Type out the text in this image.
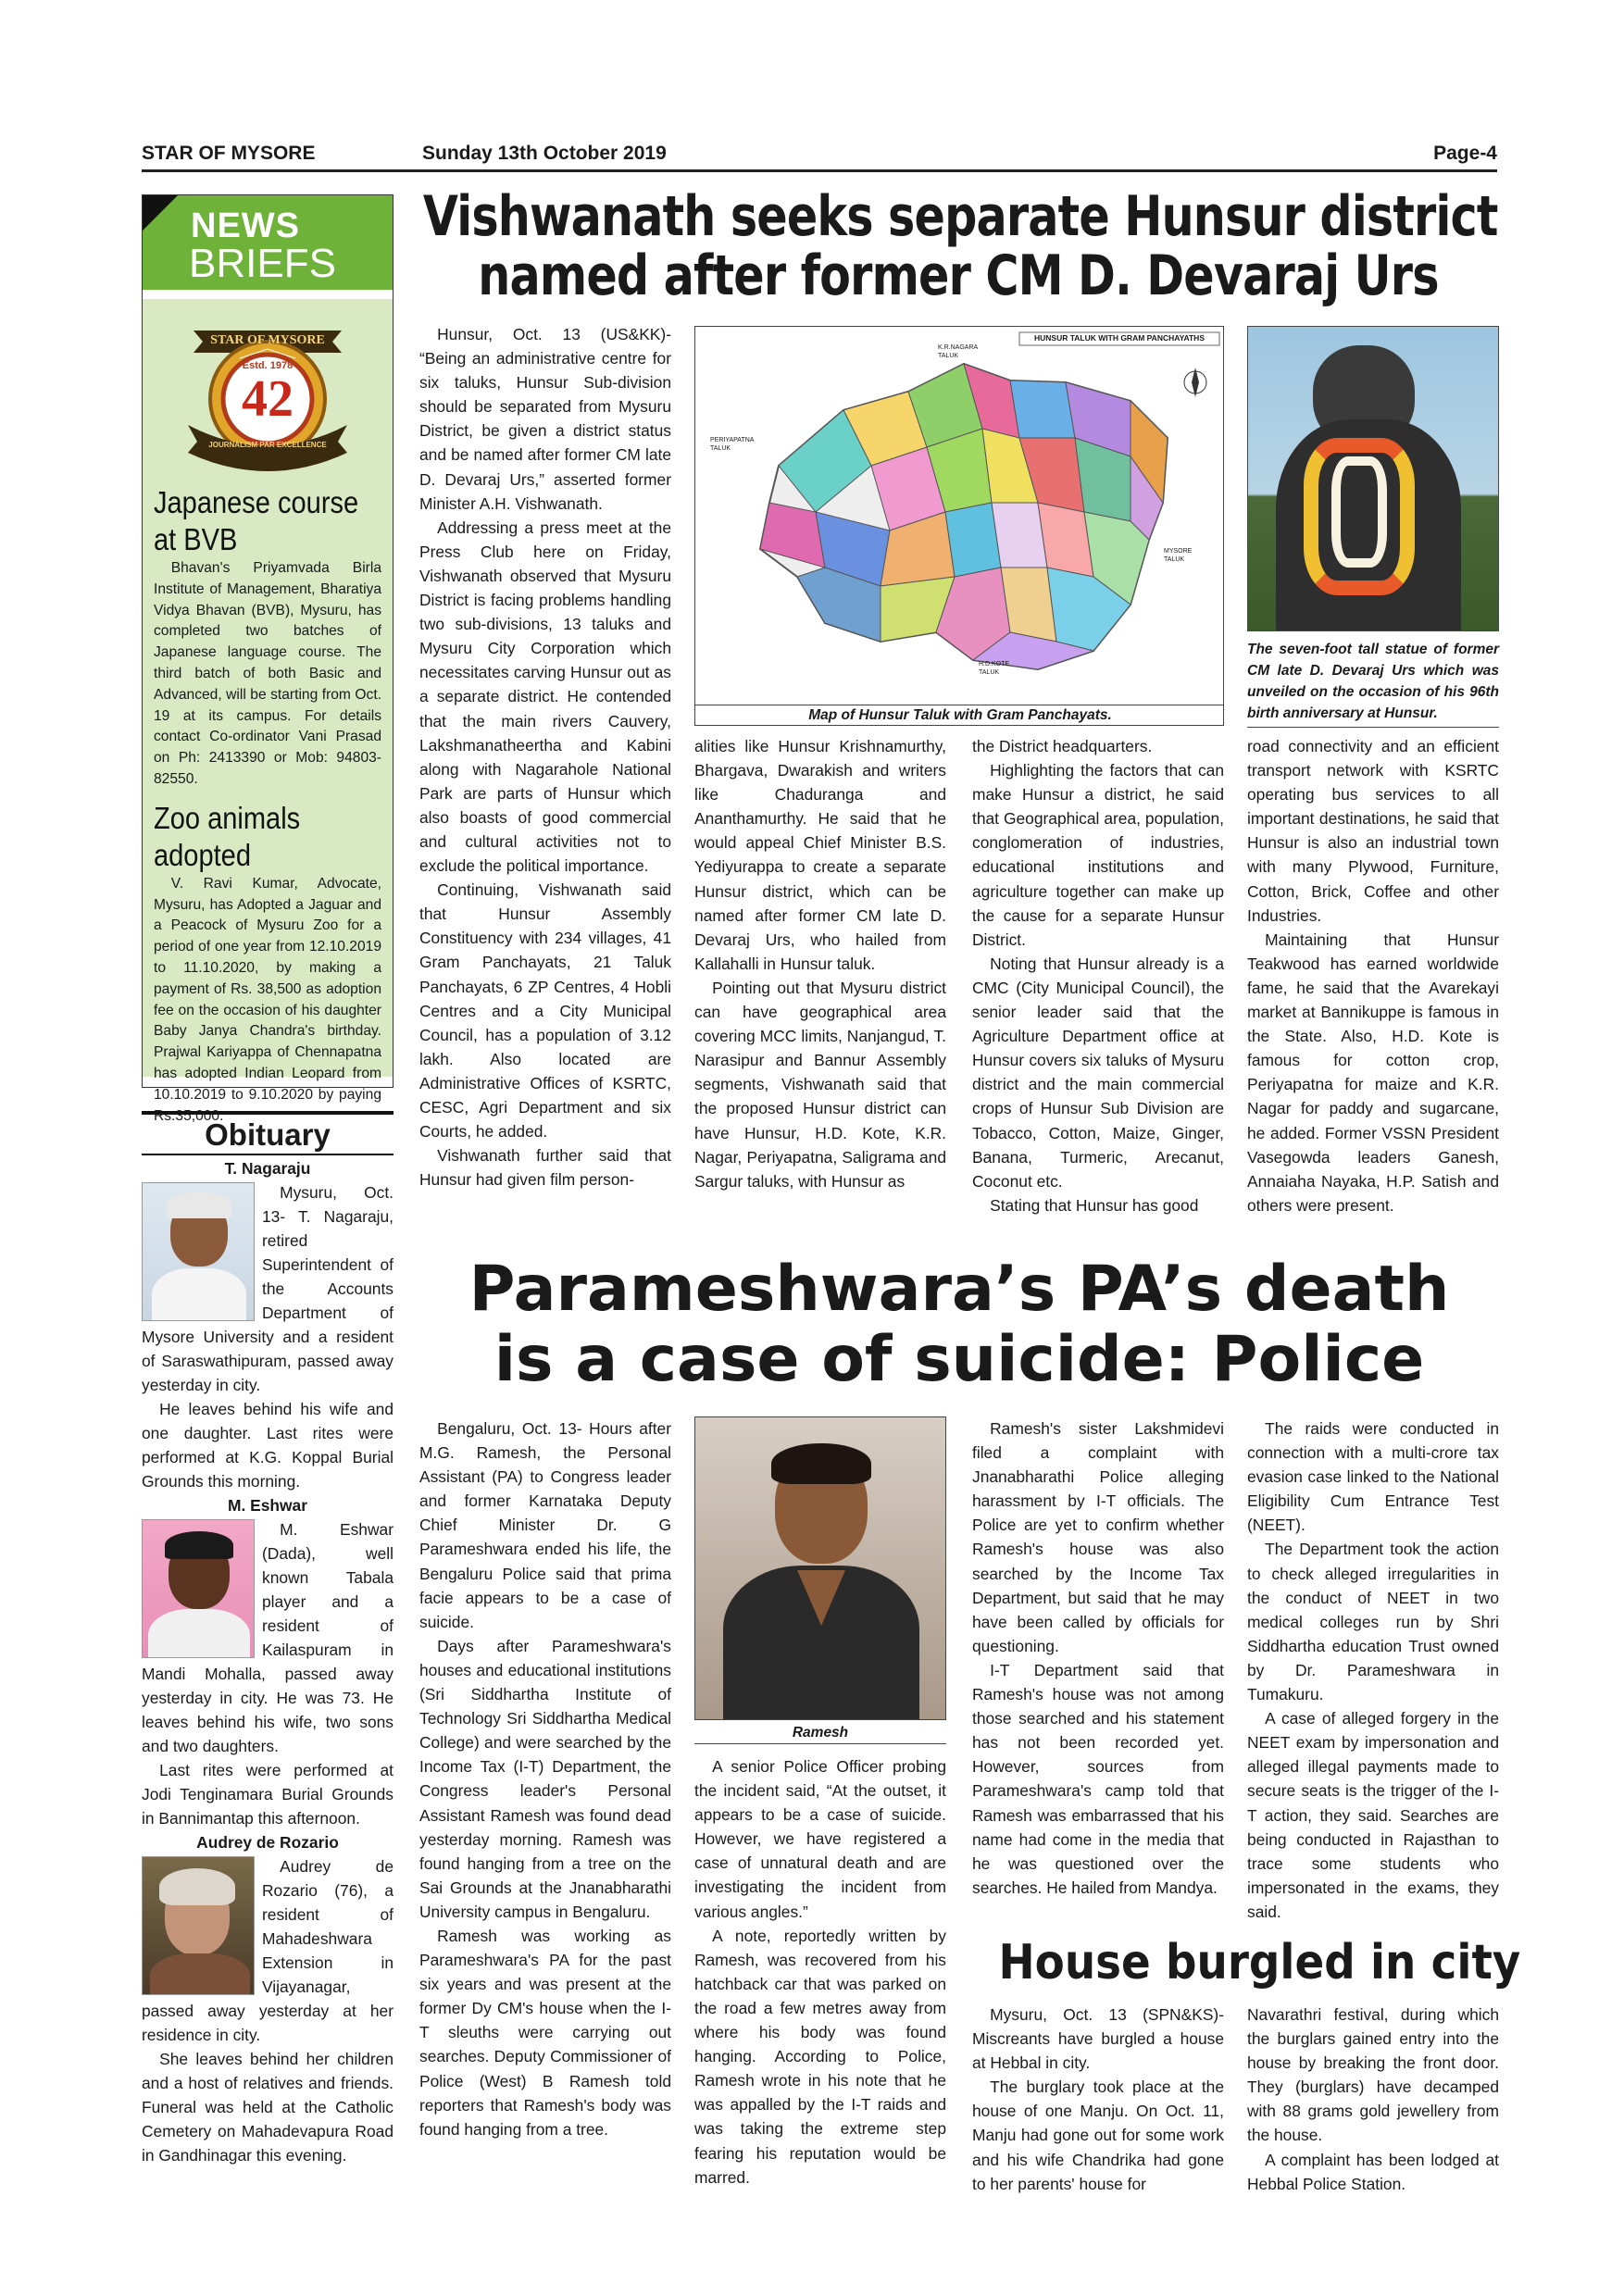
STAR OF MYSORE	Sunday 13th October 2019	Page-4
NEWS
BRIEFS
STAR OF MYSORE
Estd. 1978
42
JOURNALISM PAR EXCELLENCE
Japanese course at BVB

Bhavan's Priyamvada Birla Institute of Management, Bharatiya Vidya Bhavan (BVB), Mysuru, has completed two batches of Japanese language course. The third batch of both Basic and Advanced, will be starting from Oct. 19 at its campus. For details contact Co-ordinator Vani Prasad on Ph: 2413390 or Mob: 94803-82550.

Zoo animals adopted

V. Ravi Kumar, Advocate, Mysuru, has Adopted a Jaguar and a Peacock of Mysuru Zoo for a period of one year from 12.10.2019 to 11.10.2020, by making a payment of Rs. 38,500 as adoption fee on the occasion of his daughter Baby Janya Chandra's birthday. Prajwal Kariyappa of Chennapatna has adopted Indian Leopard from 10.10.2019 to 9.10.2020 by paying Rs.35,000.

Obituary

T. Nagaraju

Mysuru, Oct. 13- T. Nagaraju, retired Superintendent of the Accounts Department of Mysore University and a resident of Saraswathipuram, passed away yesterday in city.

He leaves behind his wife and one daughter. Last rites were performed at K.G. Koppal Burial Grounds this morning.

M. Eshwar

M. Eshwar (Dada), well known Tabala player and a resident of Kailaspuram in Mandi Mohalla, passed away yesterday in city. He was 73. He leaves behind his wife, two sons and two daughters.

Last rites were performed at Jodi Tenginamara Burial Grounds in Bannimantap this afternoon.

Audrey de Rozario

Audrey de Rozario (76), a resident of Mahadeshwara Extension in Vijayanagar, passed away yesterday at her residence in city.

She leaves behind her children and a host of relatives and friends. Funeral was held at the Catholic Cemetery on Mahadevapura Road in Gandhinagar this evening.

Vishwanath seeks separate Hunsur district
named after former CM D. Devaraj Urs

Hunsur, Oct. 13 (US&KK)- “Being an administrative centre for six taluks, Hunsur Sub-division should be separated from Mysuru District, be given a district status and be named after former CM late D. Devaraj Urs,” asserted former Minister A.H. Vishwanath.

Addressing a press meet at the Press Club here on Friday, Vishwanath observed that Mysuru District is facing problems handling two sub-divisions, 13 taluks and Mysuru City Corporation which necessitates carving Hunsur out as a separate district. He contended that the main rivers Cauvery, Lakshmanatheertha and Kabini along with Nagarahole National Park are parts of Hunsur which also boasts of good commercial and cultural activities not to exclude the political importance.

Continuing, Vishwanath said that Hunsur Assembly Constituency with 234 villages, 41 Gram Panchayats, 21 Taluk Panchayats, 6 ZP Centres, 4 Hobli Centres and a City Municipal Council, has a population of 3.12 lakh. Also located are Administrative Offices of KSRTC, CESC, Agri Department and six Courts, he added.

Vishwanath further said that Hunsur had given film person-

HUNSUR TALUK WITH GRAM PANCHAYATHS
K.R.NAGARA TALUK
PERIYAPATNA TALUK
MYSORE TALUK
H.D.KOTE TALUK
Map of Hunsur Taluk with Gram Panchayats.
The seven-foot tall statue of former CM late D. Devaraj Urs which was unveiled on the occasion of his 96th birth anniversary at Hunsur.

alities like Hunsur Krishnamurthy, Bhargava, Dwarakish and writers like Chaduranga and Ananthamurthy. He said that he would appeal Chief Minister B.S. Yediyurappa to create a separate Hunsur district, which can be named after former CM late D. Devaraj Urs, who hailed from Kallahalli in Hunsur taluk.

Pointing out that Mysuru district can have geographical area covering MCC limits, Nanjangud, T. Narasipur and Bannur Assembly segments, Vishwanath said that the proposed Hunsur district can have Hunsur, H.D. Kote, K.R. Nagar, Periyapatna, Saligrama and Sargur taluks, with Hunsur as

the District headquarters.

Highlighting the factors that can make Hunsur a district, he said that Geographical area, population, conglomeration of industries, educational institutions and agriculture together can make up the cause for a separate Hunsur District.

Noting that Hunsur already is a CMC (City Municipal Council), the senior leader said that the Agriculture Department office at Hunsur covers six taluks of Mysuru district and the main commercial crops of Hunsur Sub Division are Tobacco, Cotton, Maize, Ginger, Banana, Turmeric, Arecanut, Coconut etc.

Stating that Hunsur has good

road connectivity and an efficient transport network with KSRTC operating bus services to all important destinations, he said that Hunsur is also an industrial town with many Plywood, Furniture, Cotton, Brick, Coffee and other Industries.

Maintaining that Hunsur Teakwood has earned worldwide fame, he said that the Avarekayi market at Bannikuppe is famous in the State. Also, H.D. Kote is famous for cotton crop, Periyapatna for maize and K.R. Nagar for paddy and sugarcane, he added. Former VSSN President Vasegowda leaders Ganesh, Annaiaha Nayaka, H.P. Satish and others were present.

Parameshwara’s PA’s death
is a case of suicide: Police

Bengaluru, Oct. 13- Hours after M.G. Ramesh, the Personal Assistant (PA) to Congress leader and former Karnataka Deputy Chief Minister Dr. G Parameshwara ended his life, the Bengaluru Police said that prima facie appears to be a case of suicide.

Days after Parameshwara's houses and educational institutions (Sri Siddhartha Institute of Technology Sri Siddhartha Medical College) and were searched by the Income Tax (I-T) Department, the Congress leader's Personal Assistant Ramesh was found dead yesterday morning. Ramesh was found hanging from a tree on the Sai Grounds at the Jnanabharathi University campus in Bengaluru.

Ramesh was working as Parameshwara's PA for the past six years and was present at the former Dy CM's house when the I-T sleuths were carrying out searches. Deputy Commissioner of Police (West) B Ramesh told reporters that Ramesh's body was found hanging from a tree.

Ramesh

A senior Police Officer probing the incident said, “At the outset, it appears to be a case of suicide. However, we have registered a case of unnatural death and are investigating the incident from various angles.”

A note, reportedly written by Ramesh, was recovered from his hatchback car that was parked on the road a few metres away from where his body was found hanging. According to Police, Ramesh wrote in his note that he was appalled by the I-T raids and was taking the extreme step fearing his reputation would be marred.

Ramesh's sister Lakshmidevi filed a complaint with Jnanabharathi Police alleging harassment by I-T officials. The Police are yet to confirm whether Ramesh's house was also searched by the Income Tax Department, but said that he may have been called by officials for questioning.

I-T Department said that Ramesh's house was not among those searched and his statement has not been recorded yet. However, sources from Parameshwara's camp told that Ramesh was embarrassed that his name had come in the media that he was questioned over the searches. He hailed from Mandya.

The raids were conducted in connection with a multi-crore tax evasion case linked to the National Eligibility Cum Entrance Test (NEET).

The Department took the action to check alleged irregularities in the conduct of NEET in two medical colleges run by Shri Siddhartha education Trust owned by Dr. Parameshwara in Tumakuru.

A case of alleged forgery in the NEET exam by impersonation and alleged illegal payments made to secure seats is the trigger of the I-T action, they said. Searches are being conducted in Rajasthan to trace some students who impersonated in the exams, they said.

House burgled in city

Mysuru, Oct. 13 (SPN&KS)- Miscreants have burgled a house at Hebbal in city.

The burglary took place at the house of one Manju. On Oct. 11, Manju had gone out for some work and his wife Chandrika had gone to her parents' house for

Navarathri festival, during which the burglars gained entry into the house by breaking the front door. They (burglars) have decamped with 88 grams gold jewellery from the house.

A complaint has been lodged at Hebbal Police Station.
